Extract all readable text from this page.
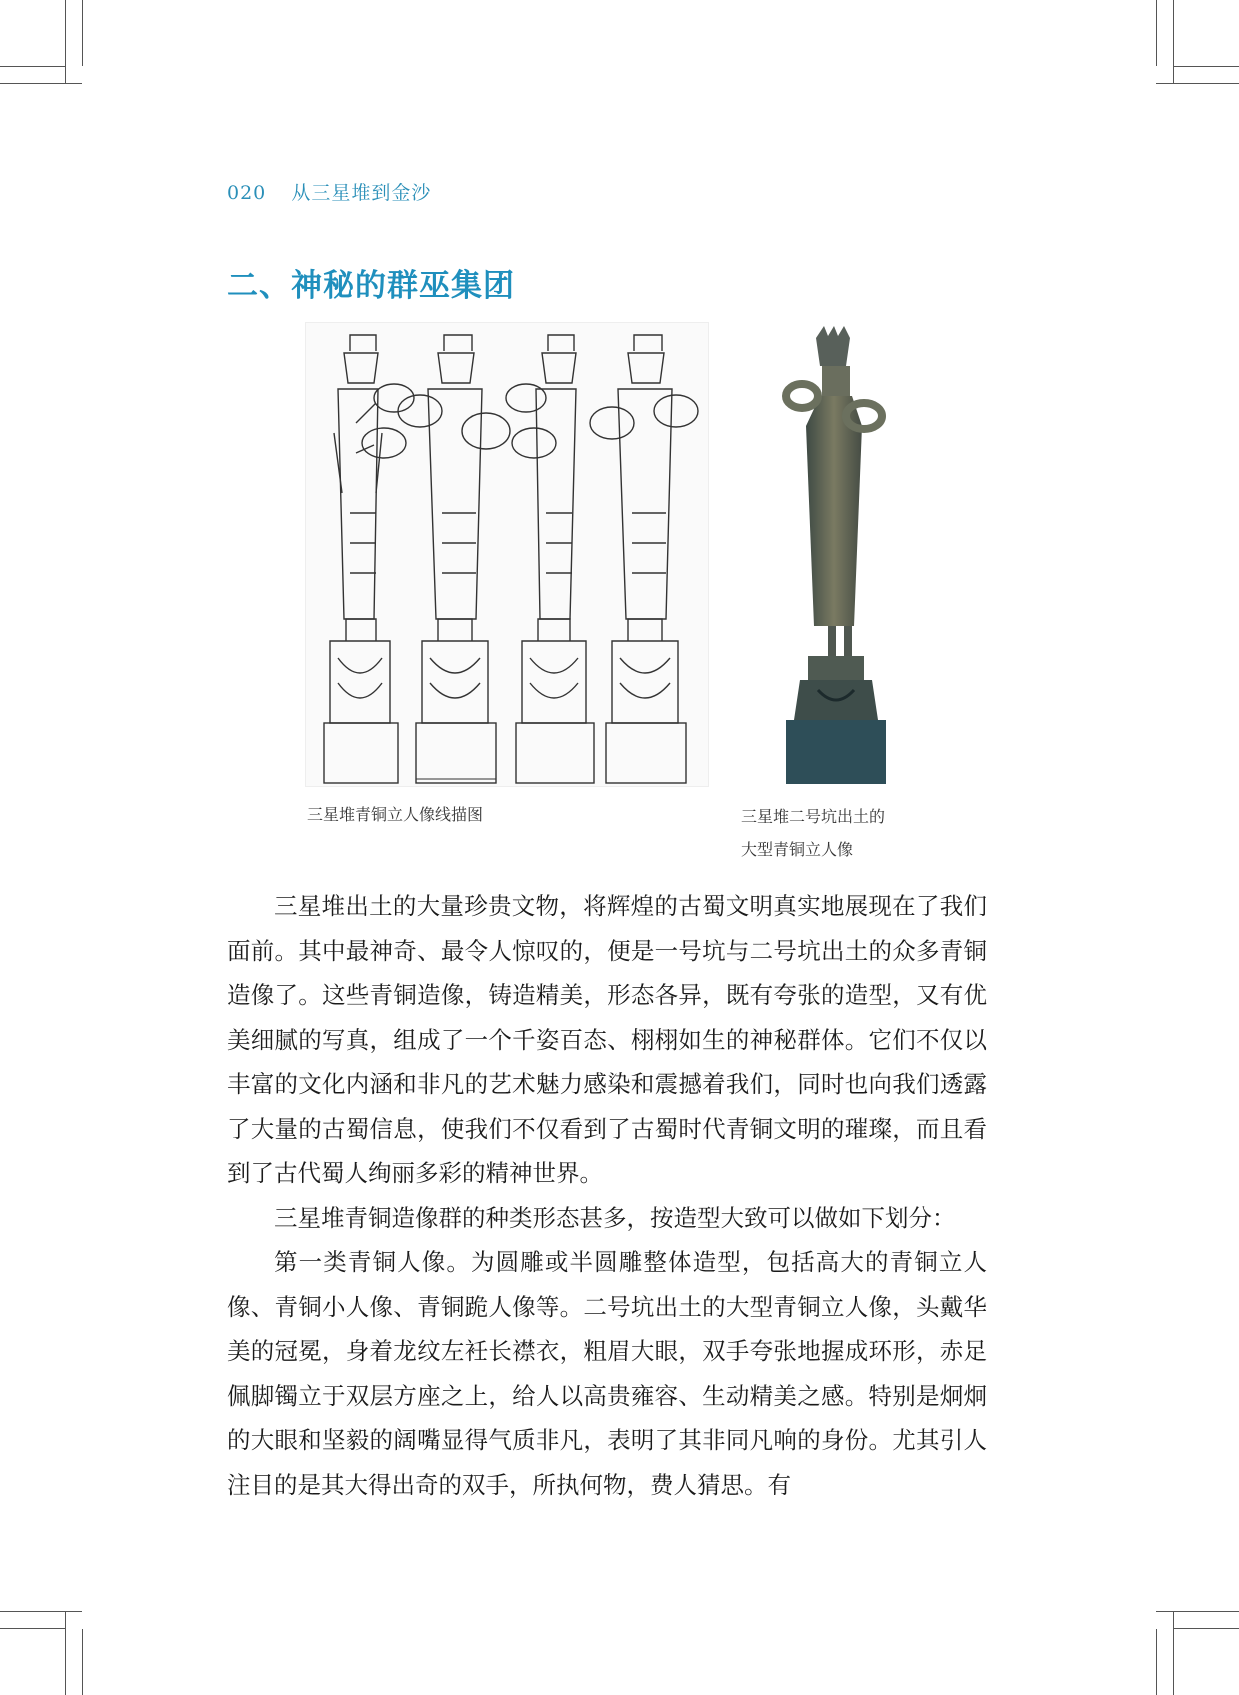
020 从三星堆到金沙
二、神秘的群巫集团
三星堆青铜立人像线描图	三星堆二号坑出土的
大型青铜立人像

三星堆出土的大量珍贵文物，将辉煌的古蜀文明真实地展现在了我们面前。其中最神奇、最令人惊叹的，便是一号坑与二号坑出土的众多青铜造像了。这些青铜造像，铸造精美，形态各异，既有夸张的造型，又有优美细腻的写真，组成了一个千姿百态、栩栩如生的神秘群体。它们不仅以丰富的文化内涵和非凡的艺术魅力感染和震撼着我们，同时也向我们透露了大量的古蜀信息，使我们不仅看到了古蜀时代青铜文明的璀璨，而且看到了古代蜀人绚丽多彩的精神世界。

三星堆青铜造像群的种类形态甚多，按造型大致可以做如下划分：

第一类青铜人像。为圆雕或半圆雕整体造型，包括高大的青铜立人像、青铜小人像、青铜跪人像等。二号坑出土的大型青铜立人像，头戴华美的冠冕，身着龙纹左衽长襟衣，粗眉大眼，双手夸张地握成环形，赤足佩脚镯立于双层方座之上，给人以高贵雍容、生动精美之感。特别是炯炯的大眼和坚毅的阔嘴显得气质非凡，表明了其非同凡响的身份。尤其引人注目的是其大得出奇的双手，所执何物，费人猜思。有
